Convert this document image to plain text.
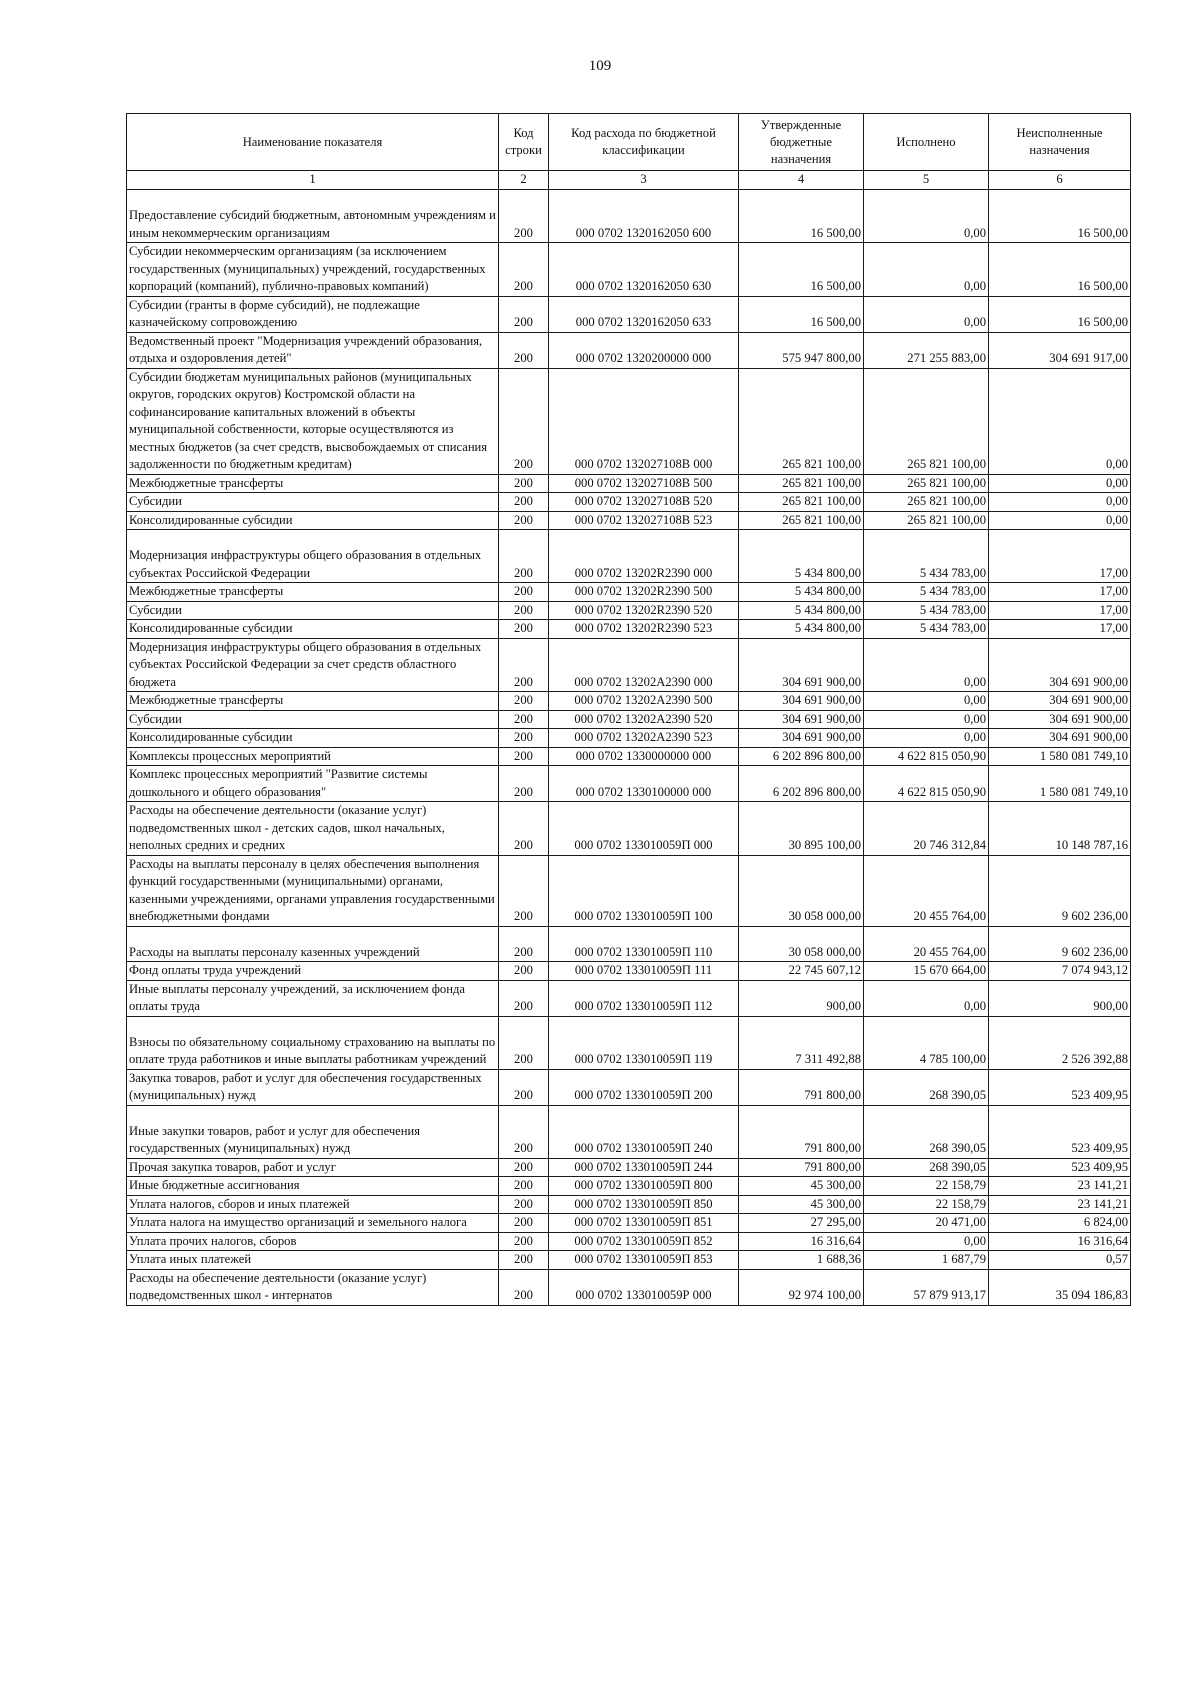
109
Наименование показателя	Код строки	Код расхода по бюджетной классификации	Утвержденные бюджетные назначения	Исполнено	Неисполненные назначения
1	2	3	4	5	6
Предоставление субсидий бюджетным, автономным учреждениям и иным некоммерческим организациям	200	000 0702 1320162050 600	16 500,00	0,00	16 500,00
Субсидии некоммерческим организациям (за исключением государственных (муниципальных) учреждений, государственных корпораций (компаний), публично-правовых компаний)	200	000 0702 1320162050 630	16 500,00	0,00	16 500,00
Субсидии (гранты в форме субсидий), не подлежащие казначейскому сопровождению	200	000 0702 1320162050 633	16 500,00	0,00	16 500,00
Ведомственный проект "Модернизация учреждений образования, отдыха и оздоровления детей"	200	000 0702 1320200000 000	575 947 800,00	271 255 883,00	304 691 917,00
Субсидии бюджетам муниципальных районов (муниципальных округов, городских округов) Костромской области на софинансирование капитальных вложений в объекты муниципальной собственности, которые осуществляются из местных бюджетов (за счет средств, высвобождаемых от списания задолженности по бюджетным кредитам)	200	000 0702 132027108В 000	265 821 100,00	265 821 100,00	0,00
Межбюджетные трансферты	200	000 0702 132027108В 500	265 821 100,00	265 821 100,00	0,00
Субсидии	200	000 0702 132027108В 520	265 821 100,00	265 821 100,00	0,00
Консолидированные субсидии	200	000 0702 132027108В 523	265 821 100,00	265 821 100,00	0,00
Модернизация инфраструктуры общего образования в отдельных субъектах Российской Федерации	200	000 0702 13202R2390 000	5 434 800,00	5 434 783,00	17,00
Межбюджетные трансферты	200	000 0702 13202R2390 500	5 434 800,00	5 434 783,00	17,00
Субсидии	200	000 0702 13202R2390 520	5 434 800,00	5 434 783,00	17,00
Консолидированные субсидии	200	000 0702 13202R2390 523	5 434 800,00	5 434 783,00	17,00
Модернизация инфраструктуры общего образования в отдельных субъектах Российской Федерации за счет средств областного бюджета	200	000 0702 13202A2390 000	304 691 900,00	0,00	304 691 900,00
Межбюджетные трансферты	200	000 0702 13202A2390 500	304 691 900,00	0,00	304 691 900,00
Субсидии	200	000 0702 13202A2390 520	304 691 900,00	0,00	304 691 900,00
Консолидированные субсидии	200	000 0702 13202A2390 523	304 691 900,00	0,00	304 691 900,00
Комплексы процессных мероприятий	200	000 0702 1330000000 000	6 202 896 800,00	4 622 815 050,90	1 580 081 749,10
Комплекс процессных мероприятий "Развитие системы дошкольного и общего образования"	200	000 0702 1330100000 000	6 202 896 800,00	4 622 815 050,90	1 580 081 749,10
Расходы на обеспечение деятельности (оказание услуг) подведомственных школ - детских садов, школ начальных, неполных средних и средних	200	000 0702 133010059П 000	30 895 100,00	20 746 312,84	10 148 787,16
Расходы на выплаты персоналу в целях обеспечения выполнения функций государственными (муниципальными) органами, казенными учреждениями, органами управления государственными внебюджетными фондами	200	000 0702 133010059П 100	30 058 000,00	20 455 764,00	9 602 236,00
Расходы на выплаты персоналу казенных учреждений	200	000 0702 133010059П 110	30 058 000,00	20 455 764,00	9 602 236,00
Фонд оплаты труда учреждений	200	000 0702 133010059П 111	22 745 607,12	15 670 664,00	7 074 943,12
Иные выплаты персоналу учреждений, за исключением фонда оплаты труда	200	000 0702 133010059П 112	900,00	0,00	900,00
Взносы по обязательному социальному страхованию на выплаты по оплате труда работников и иные выплаты работникам учреждений	200	000 0702 133010059П 119	7 311 492,88	4 785 100,00	2 526 392,88
Закупка товаров, работ и услуг для обеспечения государственных (муниципальных) нужд	200	000 0702 133010059П 200	791 800,00	268 390,05	523 409,95
Иные закупки товаров, работ и услуг для обеспечения государственных (муниципальных) нужд	200	000 0702 133010059П 240	791 800,00	268 390,05	523 409,95
Прочая закупка товаров, работ и услуг	200	000 0702 133010059П 244	791 800,00	268 390,05	523 409,95
Иные бюджетные ассигнования	200	000 0702 133010059П 800	45 300,00	22 158,79	23 141,21
Уплата налогов, сборов и иных платежей	200	000 0702 133010059П 850	45 300,00	22 158,79	23 141,21
Уплата налога на имущество организаций и земельного налога	200	000 0702 133010059П 851	27 295,00	20 471,00	6 824,00
Уплата прочих налогов, сборов	200	000 0702 133010059П 852	16 316,64	0,00	16 316,64
Уплата иных платежей	200	000 0702 133010059П 853	1 688,36	1 687,79	0,57
Расходы на обеспечение деятельности (оказание услуг) подведомственных школ - интернатов	200	000 0702 133010059Р 000	92 974 100,00	57 879 913,17	35 094 186,83
